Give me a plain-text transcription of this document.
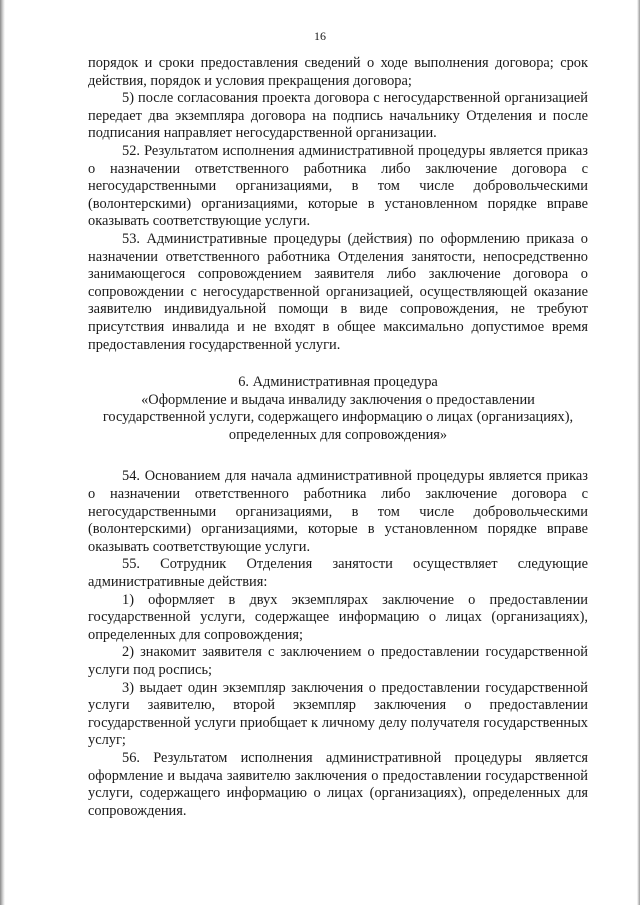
16

порядок и сроки предоставления сведений о ходе выполнения договора; срок действия, порядок и условия прекращения договора;

5) после согласования проекта договора с негосударственной организацией передает два экземпляра договора на подпись начальнику Отделения и после подписания направляет негосударственной организации.

52. Результатом исполнения административной процедуры является приказ о назначении ответственного работника либо заключение договора с негосударственными организациями, в том числе добровольческими (волонтерскими) организациями, которые в установленном порядке вправе оказывать соответствующие услуги.

53. Административные процедуры (действия) по оформлению приказа о назначении ответственного работника Отделения занятости, непосредственно занимающегося сопровождением заявителя либо заключение договора о сопровождении с негосударственной организацией, осуществляющей оказание заявителю индивидуальной помощи в виде сопровождения, не требуют присутствия инвалида и не входят в общее максимально допустимое время предоставления государственной услуги.

6. Административная процедура
«Оформление и выдача инвалиду заключения о предоставлении
государственной услуги, содержащего информацию о лицах (организациях),
определенных для сопровождения»

54. Основанием для начала административной процедуры является приказ о назначении ответственного работника либо заключение договора с негосударственными организациями, в том числе добровольческими (волонтерскими) организациями, которые в установленном порядке вправе оказывать соответствующие услуги.

55. Сотрудник Отделения занятости осуществляет следующие административные действия:

1) оформляет в двух экземплярах заключение о предоставлении государственной услуги, содержащее информацию о лицах (организациях), определенных для сопровождения;

2) знакомит заявителя с заключением о предоставлении государственной услуги под роспись;

3) выдает один экземпляр заключения о предоставлении государственной услуги заявителю, второй экземпляр заключения о предоставлении государственной услуги приобщает к личному делу получателя государственных услуг;

56. Результатом исполнения административной процедуры является оформление и выдача заявителю заключения о предоставлении государственной услуги, содержащего информацию о лицах (организациях), определенных для сопровождения.
